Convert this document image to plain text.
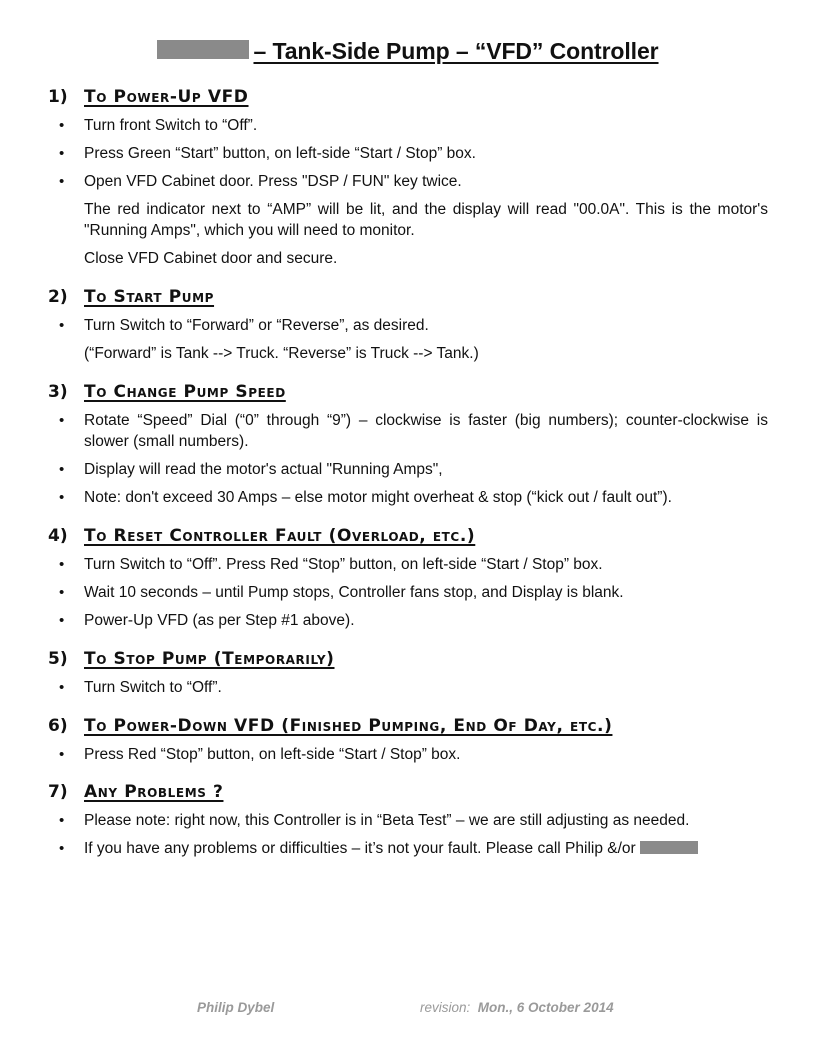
– Tank-Side Pump – “VFD” Controller
1) To Power-Up VFD
• Turn front Switch to “Off”.
• Press Green “Start” button, on left-side “Start / Stop” box.
• Open VFD Cabinet door. Press "DSP / FUN" key twice.
The red indicator next to “AMP” will be lit, and the display will read "00.0A". This is the motor's "Running Amps", which you will need to monitor.
Close VFD Cabinet door and secure.
2) To Start Pump
• Turn Switch to “Forward” or “Reverse”, as desired.
(“Forward” is Tank --> Truck. “Reverse” is Truck --> Tank.)
3) To Change Pump Speed
• Rotate “Speed” Dial (“0” through “9”) – clockwise is faster (big numbers); counter-clockwise is slower (small numbers).
• Display will read the motor's actual "Running Amps",
• Note: don't exceed 30 Amps – else motor might overheat & stop (“kick out / fault out”).
4) To Reset Controller Fault (Overload, etc.)
• Turn Switch to “Off”. Press Red “Stop” button, on left-side “Start / Stop” box.
• Wait 10 seconds – until Pump stops, Controller fans stop, and Display is blank.
• Power-Up VFD (as per Step #1 above).
5) To Stop Pump (Temporarily)
• Turn Switch to “Off”.
6) To Power-Down VFD (Finished Pumping, End Of Day, etc.)
• Press Red “Stop” button, on left-side “Start / Stop” box.
7) Any Problems ?
• Please note: right now, this Controller is in “Beta Test” – we are still adjusting as needed.
• If you have any problems or difficulties – it’s not your fault. Please call Philip &/or
Philip Dybel	revision: Mon., 6 October 2014
